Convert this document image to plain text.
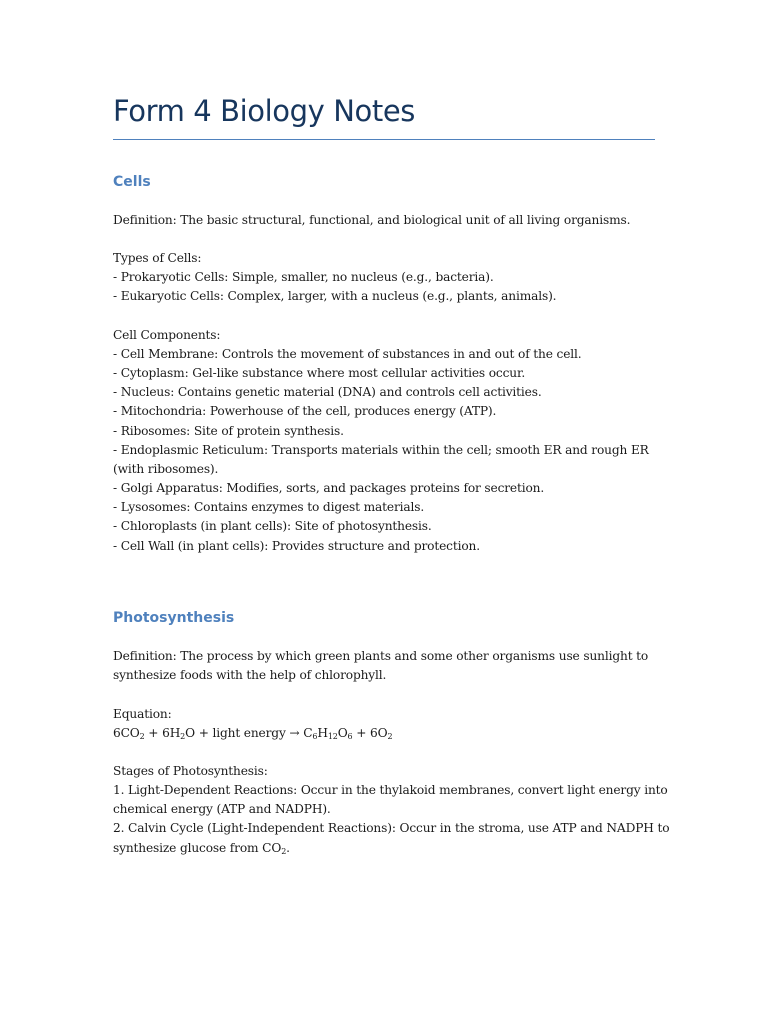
Form 4 Biology Notes
Cells
Definition: The basic structural, functional, and biological unit of all living organisms.
Types of Cells:
- Prokaryotic Cells: Simple, smaller, no nucleus (e.g., bacteria).
- Eukaryotic Cells: Complex, larger, with a nucleus (e.g., plants, animals).
Cell Components:
- Cell Membrane: Controls the movement of substances in and out of the cell.
- Cytoplasm: Gel-like substance where most cellular activities occur.
- Nucleus: Contains genetic material (DNA) and controls cell activities.
- Mitochondria: Powerhouse of the cell, produces energy (ATP).
- Ribosomes: Site of protein synthesis.
- Endoplasmic Reticulum: Transports materials within the cell; smooth ER and rough ER
(with ribosomes).
- Golgi Apparatus: Modifies, sorts, and packages proteins for secretion.
- Lysosomes: Contains enzymes to digest materials.
- Chloroplasts (in plant cells): Site of photosynthesis.
- Cell Wall (in plant cells): Provides structure and protection.
Photosynthesis
Definition: The process by which green plants and some other organisms use sunlight to
synthesize foods with the help of chlorophyll.
Equation:
$6CO_2 + 6H_2O$ + light energy → $C_6H_{12}O_6 + 6O_2$
Stages of Photosynthesis:
1. Light-Dependent Reactions: Occur in the thylakoid membranes, convert light energy into
chemical energy (ATP and NADPH).
2. Calvin Cycle (Light-Independent Reactions): Occur in the stroma, use ATP and NADPH to
synthesize glucose from $CO_2$.
